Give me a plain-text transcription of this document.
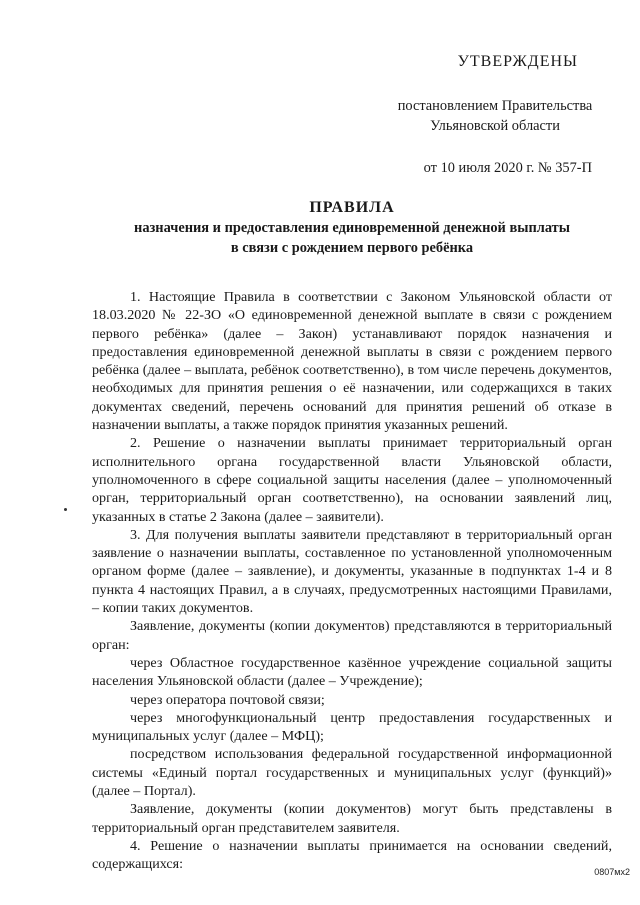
УТВЕРЖДЕНЫ
постановлением Правительства
Ульяновской области
от 10 июля 2020 г. № 357-П
ПРАВИЛА
назначения и предоставления единовременной денежной выплаты
в связи с рождением первого ребёнка

1. Настоящие Правила в соответствии с Законом Ульяновской области от 18.03.2020 № 22-ЗО «О единовременной денежной выплате в связи с рождением первого ребёнка» (далее – Закон) устанавливают порядок назначения и предоставления единовременной денежной выплаты в связи с рождением первого ребёнка (далее – выплата, ребёнок соответственно), в том числе перечень документов, необходимых для принятия решения о её назначении, или содержащихся в таких документах сведений, перечень оснований для принятия решений об отказе в назначении выплаты, а также порядок принятия указанных решений.

2. Решение о назначении выплаты принимает территориальный орган исполнительного органа государственной власти Ульяновской области, уполномоченного в сфере социальной защиты населения (далее – уполномоченный орган, территориальный орган соответственно), на основании заявлений лиц, указанных в статье 2 Закона (далее – заявители).

3. Для получения выплаты заявители представляют в территориальный орган заявление о назначении выплаты, составленное по установленной уполномоченным органом форме (далее – заявление), и документы, указанные в подпунктах 1-4 и 8 пункта 4 настоящих Правил, а в случаях, предусмотренных настоящими Правилами, – копии таких документов.

Заявление, документы (копии документов) представляются в территориальный орган:

через Областное государственное казённое учреждение социальной защиты населения Ульяновской области (далее – Учреждение);

через оператора почтовой связи;

через многофункциональный центр предоставления государственных и муниципальных услуг (далее – МФЦ);

посредством использования федеральной государственной информационной системы «Единый портал государственных и муниципальных услуг (функций)» (далее – Портал).

Заявление, документы (копии документов) могут быть представлены в территориальный орган представителем заявителя.

4. Решение о назначении выплаты принимается на основании сведений, содержащихся:	0807мх2
